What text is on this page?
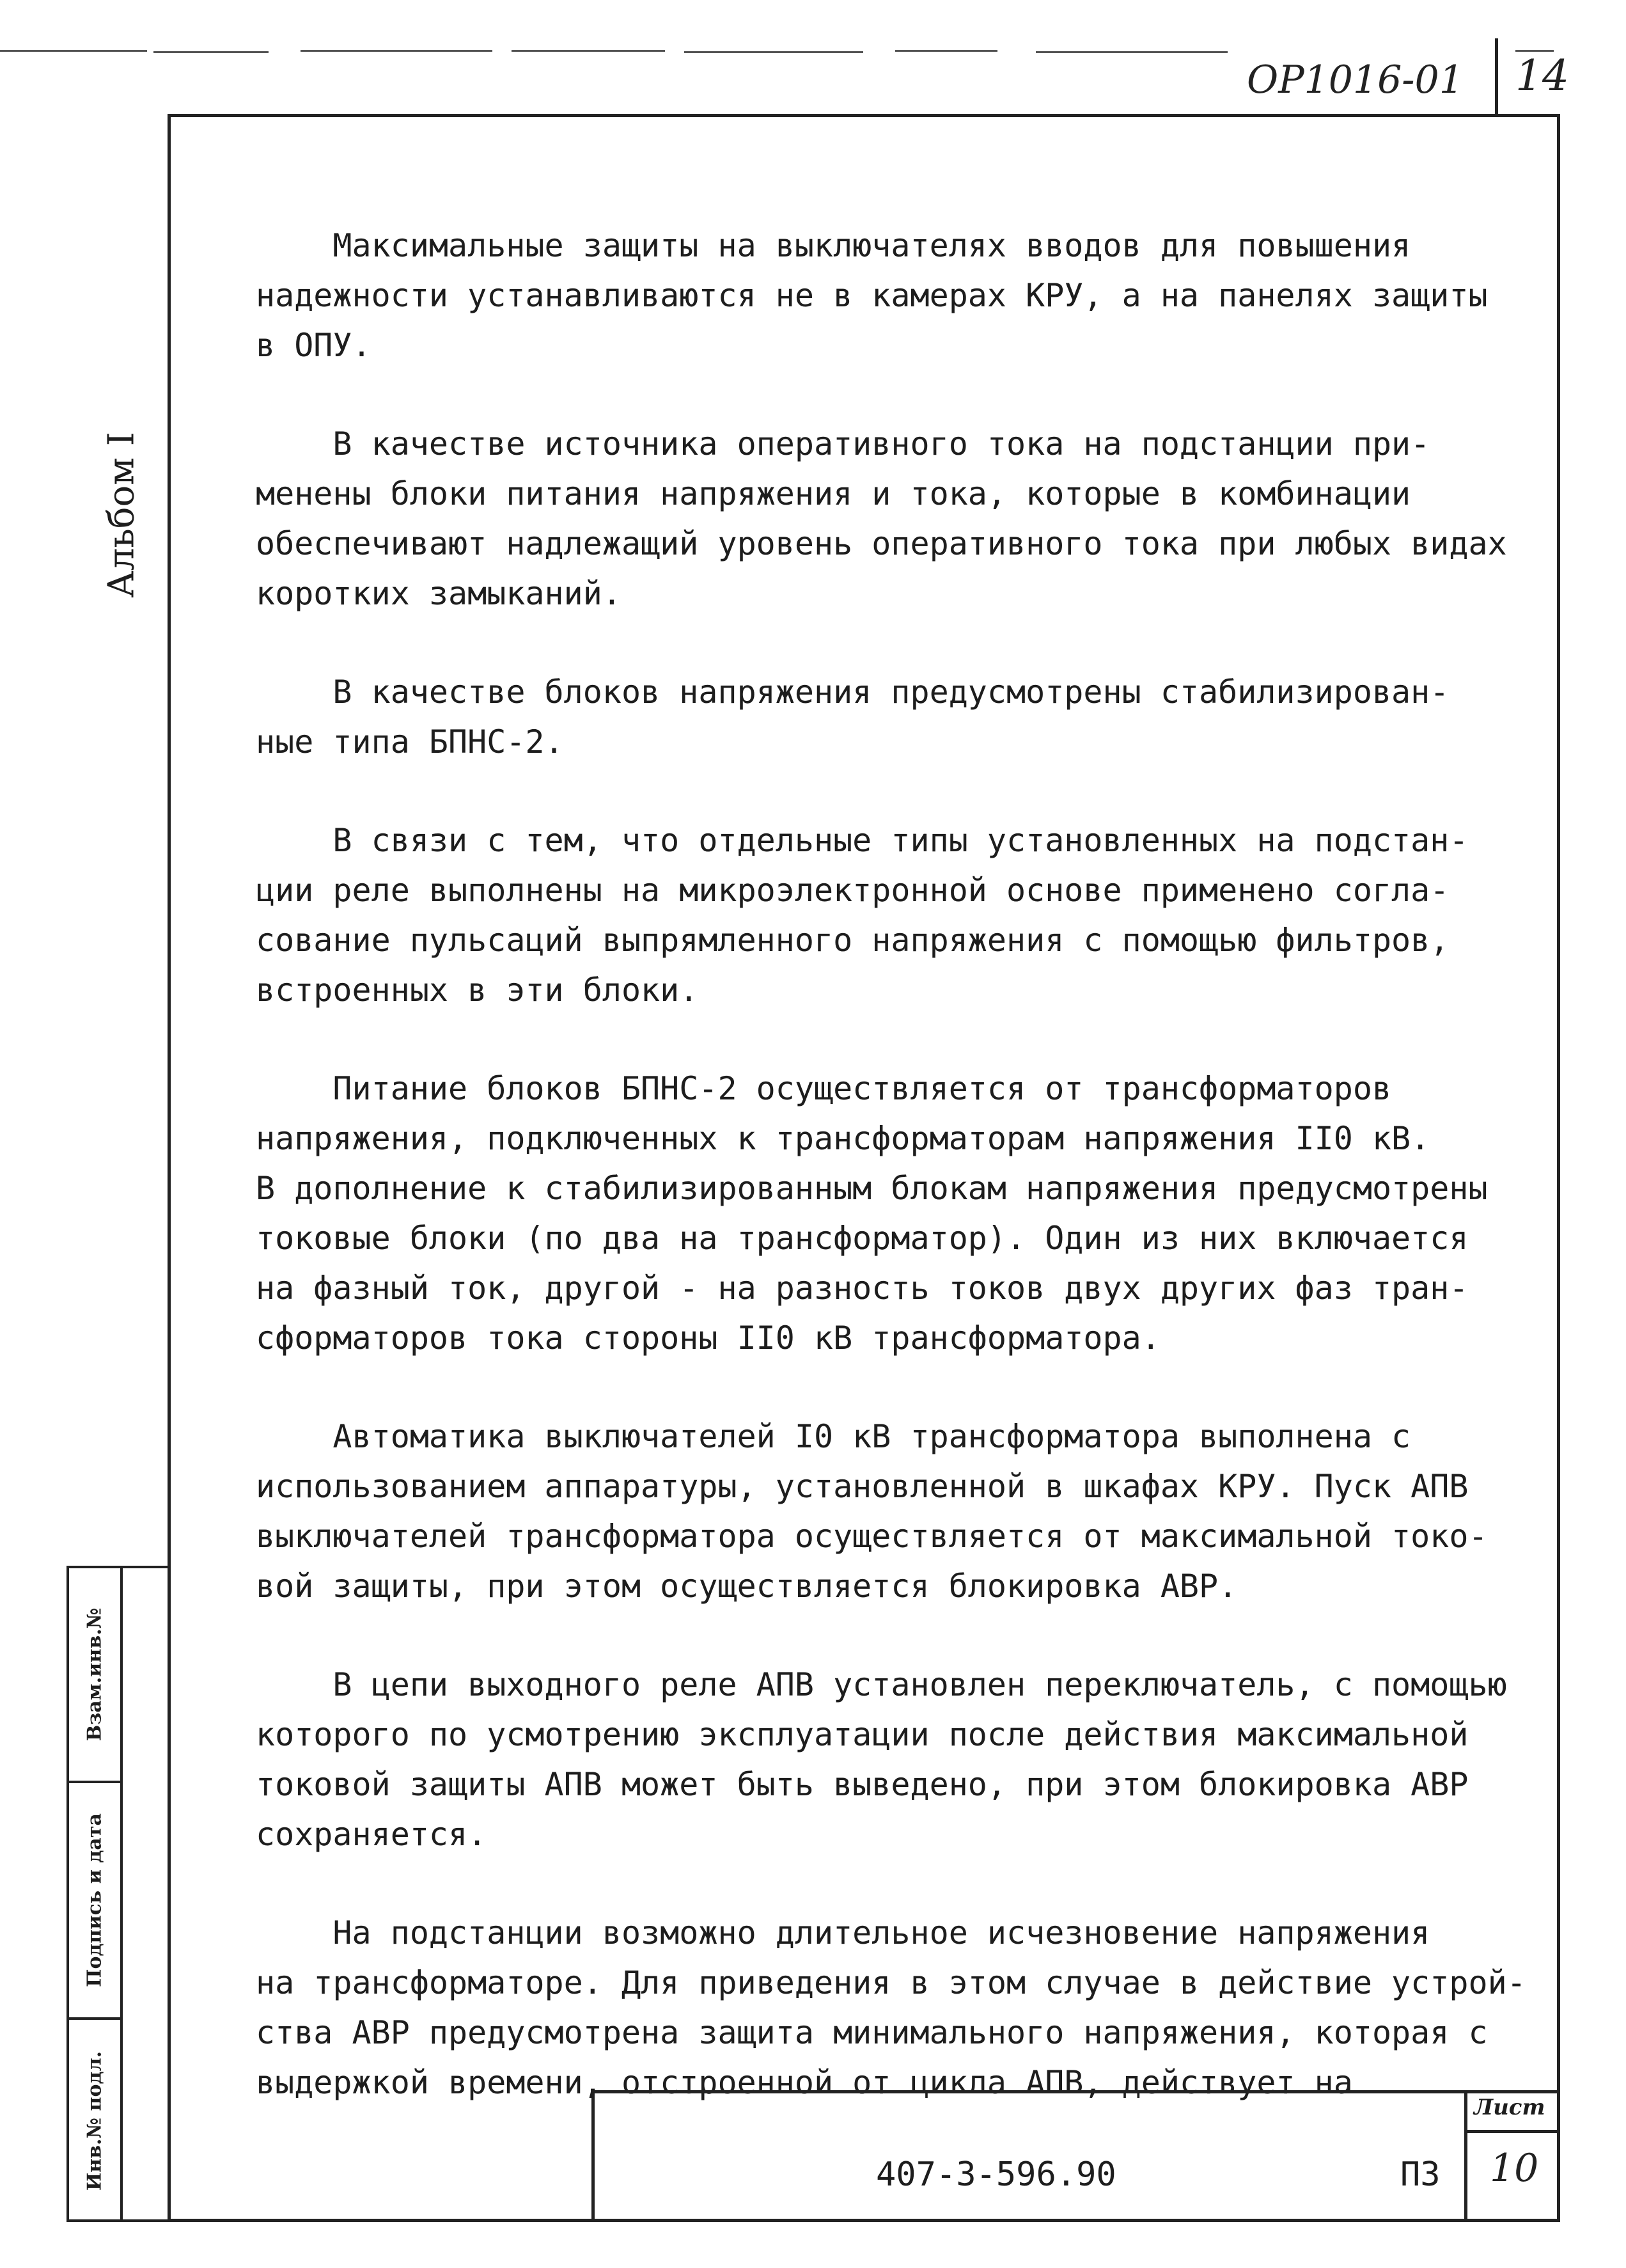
ОР1016-01 14
Альбом I
Взам.инв.№
Подпись и дата
Инв.№ подл.
Максимальные защиты на выключателях вводов для повышения
надежности устанавливаются не в камерах КРУ, а на панелях защиты
в ОПУ.
В качестве источника оперативного тока на подстанции при-
менены блоки питания напряжения и тока, которые в комбинации
обеспечивают надлежащий уровень оперативного тока при любых видах
коротких замыканий.
В качестве блоков напряжения предусмотрены стабилизирован-
ные типа БПНС-2.
В связи с тем, что отдельные типы установленных на подстан-
ции реле выполнены на микроэлектронной основе применено согла-
сование пульсаций выпрямленного напряжения с помощью фильтров,
встроенных в эти блоки.
Питание блоков БПНС-2 осуществляется от трансформаторов
напряжения, подключенных к трансформаторам напряжения II0 кВ.
В дополнение к стабилизированным блокам напряжения предусмотрены
токовые блоки (по два на трансформатор). Один из них включается
на фазный ток, другой - на разность токов двух других фаз тран-
сформаторов тока стороны II0 кВ трансформатора.
Автоматика выключателей I0 кВ трансформатора выполнена с
использованием аппаратуры, установленной в шкафах КРУ. Пуск АПВ
выключателей трансформатора осуществляется от максимальной токо-
вой защиты, при этом осуществляется блокировка АВР.
В цепи выходного реле АПВ установлен переключатель, с помощью
которого по усмотрению эксплуатации после действия максимальной
токовой защиты АПВ может быть выведено, при этом блокировка АВР
сохраняется.
На подстанции возможно длительное исчезновение напряжения
на трансформаторе. Для приведения в этом случае в действие устрой-
ства АВР предусмотрена защита минимального напряжения, которая с
выдержкой времени, отстроенной от цикла АПВ, действует на
407-3-596.90	ПЗ
Лист
10
